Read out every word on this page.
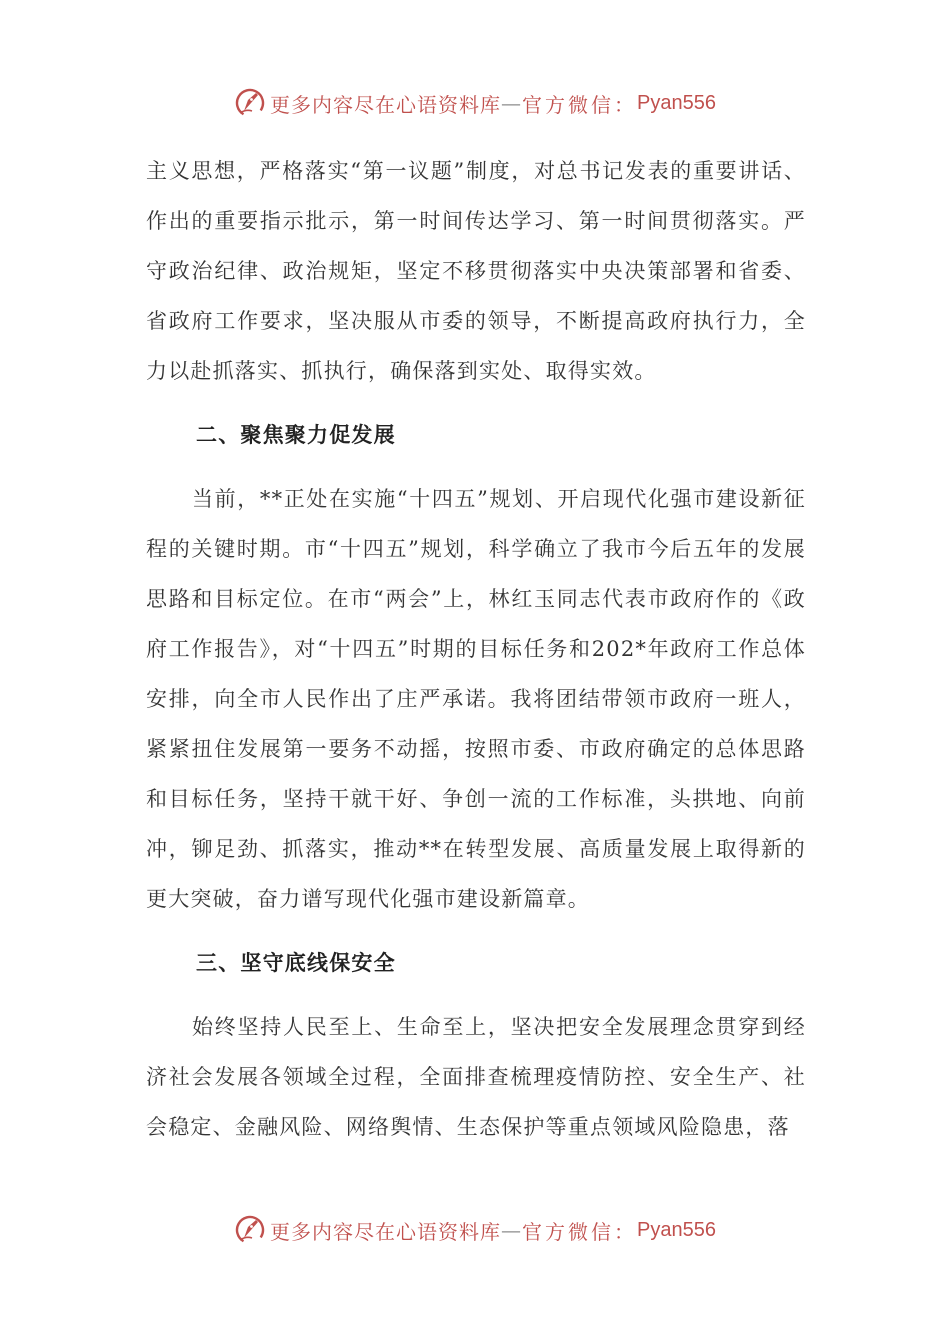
更多内容尽在心语资料库 — 官方微信： Pyan556

主义思想，严格落实“第一议题”制度，对总书记发表的重要讲话、作出的重要指示批示，第一时间传达学习、第一时间贯彻落实。严守政治纪律、政治规矩，坚定不移贯彻落实中央决策部署和省委、省政府工作要求，坚决服从市委的领导，不断提高政府执行力，全力以赴抓落实、抓执行，确保落到实处、取得实效。

二、聚焦聚力促发展

当前，**正处在实施“十四五”规划、开启现代化强市建设新征程的关键时期。市“十四五”规划，科学确立了我市今后五年的发展思路和目标定位。在市“两会”上，林红玉同志代表市政府作的《政府工作报告》，对“十四五”时期的目标任务和202*年政府工作总体安排，向全市人民作出了庄严承诺。我将团结带领市政府一班人，紧紧扭住发展第一要务不动摇，按照市委、市政府确定的总体思路和目标任务，坚持干就干好、争创一流的工作标准，头拱地、向前冲，铆足劲、抓落实，推动**在转型发展、高质量发展上取得新的更大突破，奋力谱写现代化强市建设新篇章。

三、坚守底线保安全

始终坚持人民至上、生命至上，坚决把安全发展理念贯穿到经济社会发展各领域全过程，全面排查梳理疫情防控、安全生产、社会稳定、金融风险、网络舆情、生态保护等重点领域风险隐患，落

更多内容尽在心语资料库 — 官方微信： Pyan556
